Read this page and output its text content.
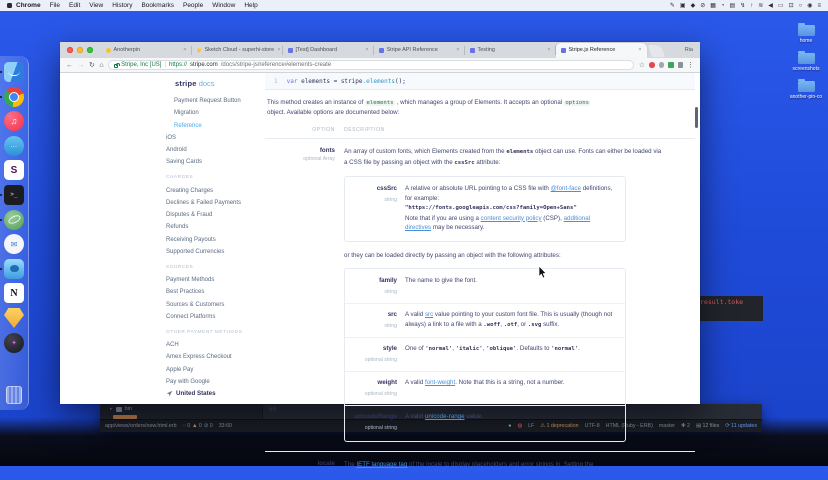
Chrome File Edit View History Bookmarks People Window Help	✎ ▣ ◆ ⊘ ▦ ◔ ▤ ↯ ↑ ≋ ◀ ▭ ⊡ ○ ◉ ≡
home
screenshots
another-pin-co
♫
…
S
>_
✉
N
✦
result.toke
▸ bin	50
app/views/orders/new.html.erb ◌ 0 ▲ 0 ⊘ 0 33:60	● ◍ LF ⚠ 1 deprecation UTF-8 HTML (Ruby - ERB) master ✚ 2 ▤ 12 files ⟳ 11 updates
Anotherpin	×	Sketch Cloud - superhi-store ×	[Test] Dashboard	×	Stripe API Reference	×	Testing	×	Stripe.js Reference	×	Ria
← → ↻ ⌂	Stripe, Inc [US] | https:// stripe.com /docs/stripe-js/reference#elements-create	☆	⋮
stripe docs
Payment Request Button
Migration
Reference
iOS
Android
Saving Cards
CHARGES
Creating Charges
Declines & Failed Payments
Disputes & Fraud
Refunds
Receiving Payouts
Supported Currencies
SOURCES
Payment Methods
Best Practices
Sources & Customers
Connect Platforms
OTHER PAYMENT METHODS
ACH
Amex Express Checkout
Apple Pay
Pay with Google
United States
1 var elements = stripe.elements();

This method creates an instance of elements , which manages a group of Elements. It accepts an optional options object. Available options are documented below:

OPTION	DESCRIPTION
fonts
optional Array

An array of custom fonts, which Elements created from the elements object can use. Fonts can either be loaded via a CSS file by passing an object with the cssSrc attribute:

cssSrc
string

A relative or absolute URL pointing to a CSS file with @font-face definitions, for example:
"https://fonts.googleapis.com/css?family=Open+Sans"
Note that if you are using a content security policy (CSP), additional directives may be necessary.

or they can be loaded directly by passing an object with the following attributes:

family
string

The name to give the font.

src
string

A valid src value pointing to your custom font file. This is usually (though not always) a link to a file with a .woff, .otf, or .svg suffix.

style
optional string

One of 'normal', 'italic', 'oblique'. Defaults to 'normal'.

weight
optional string

A valid font-weight. Note that this is a string, not a number.

unicodeRange
optional string

A valid unicode-range value.

locale The IETF language tag of the locale to display placeholders and error strings in. Setting the
